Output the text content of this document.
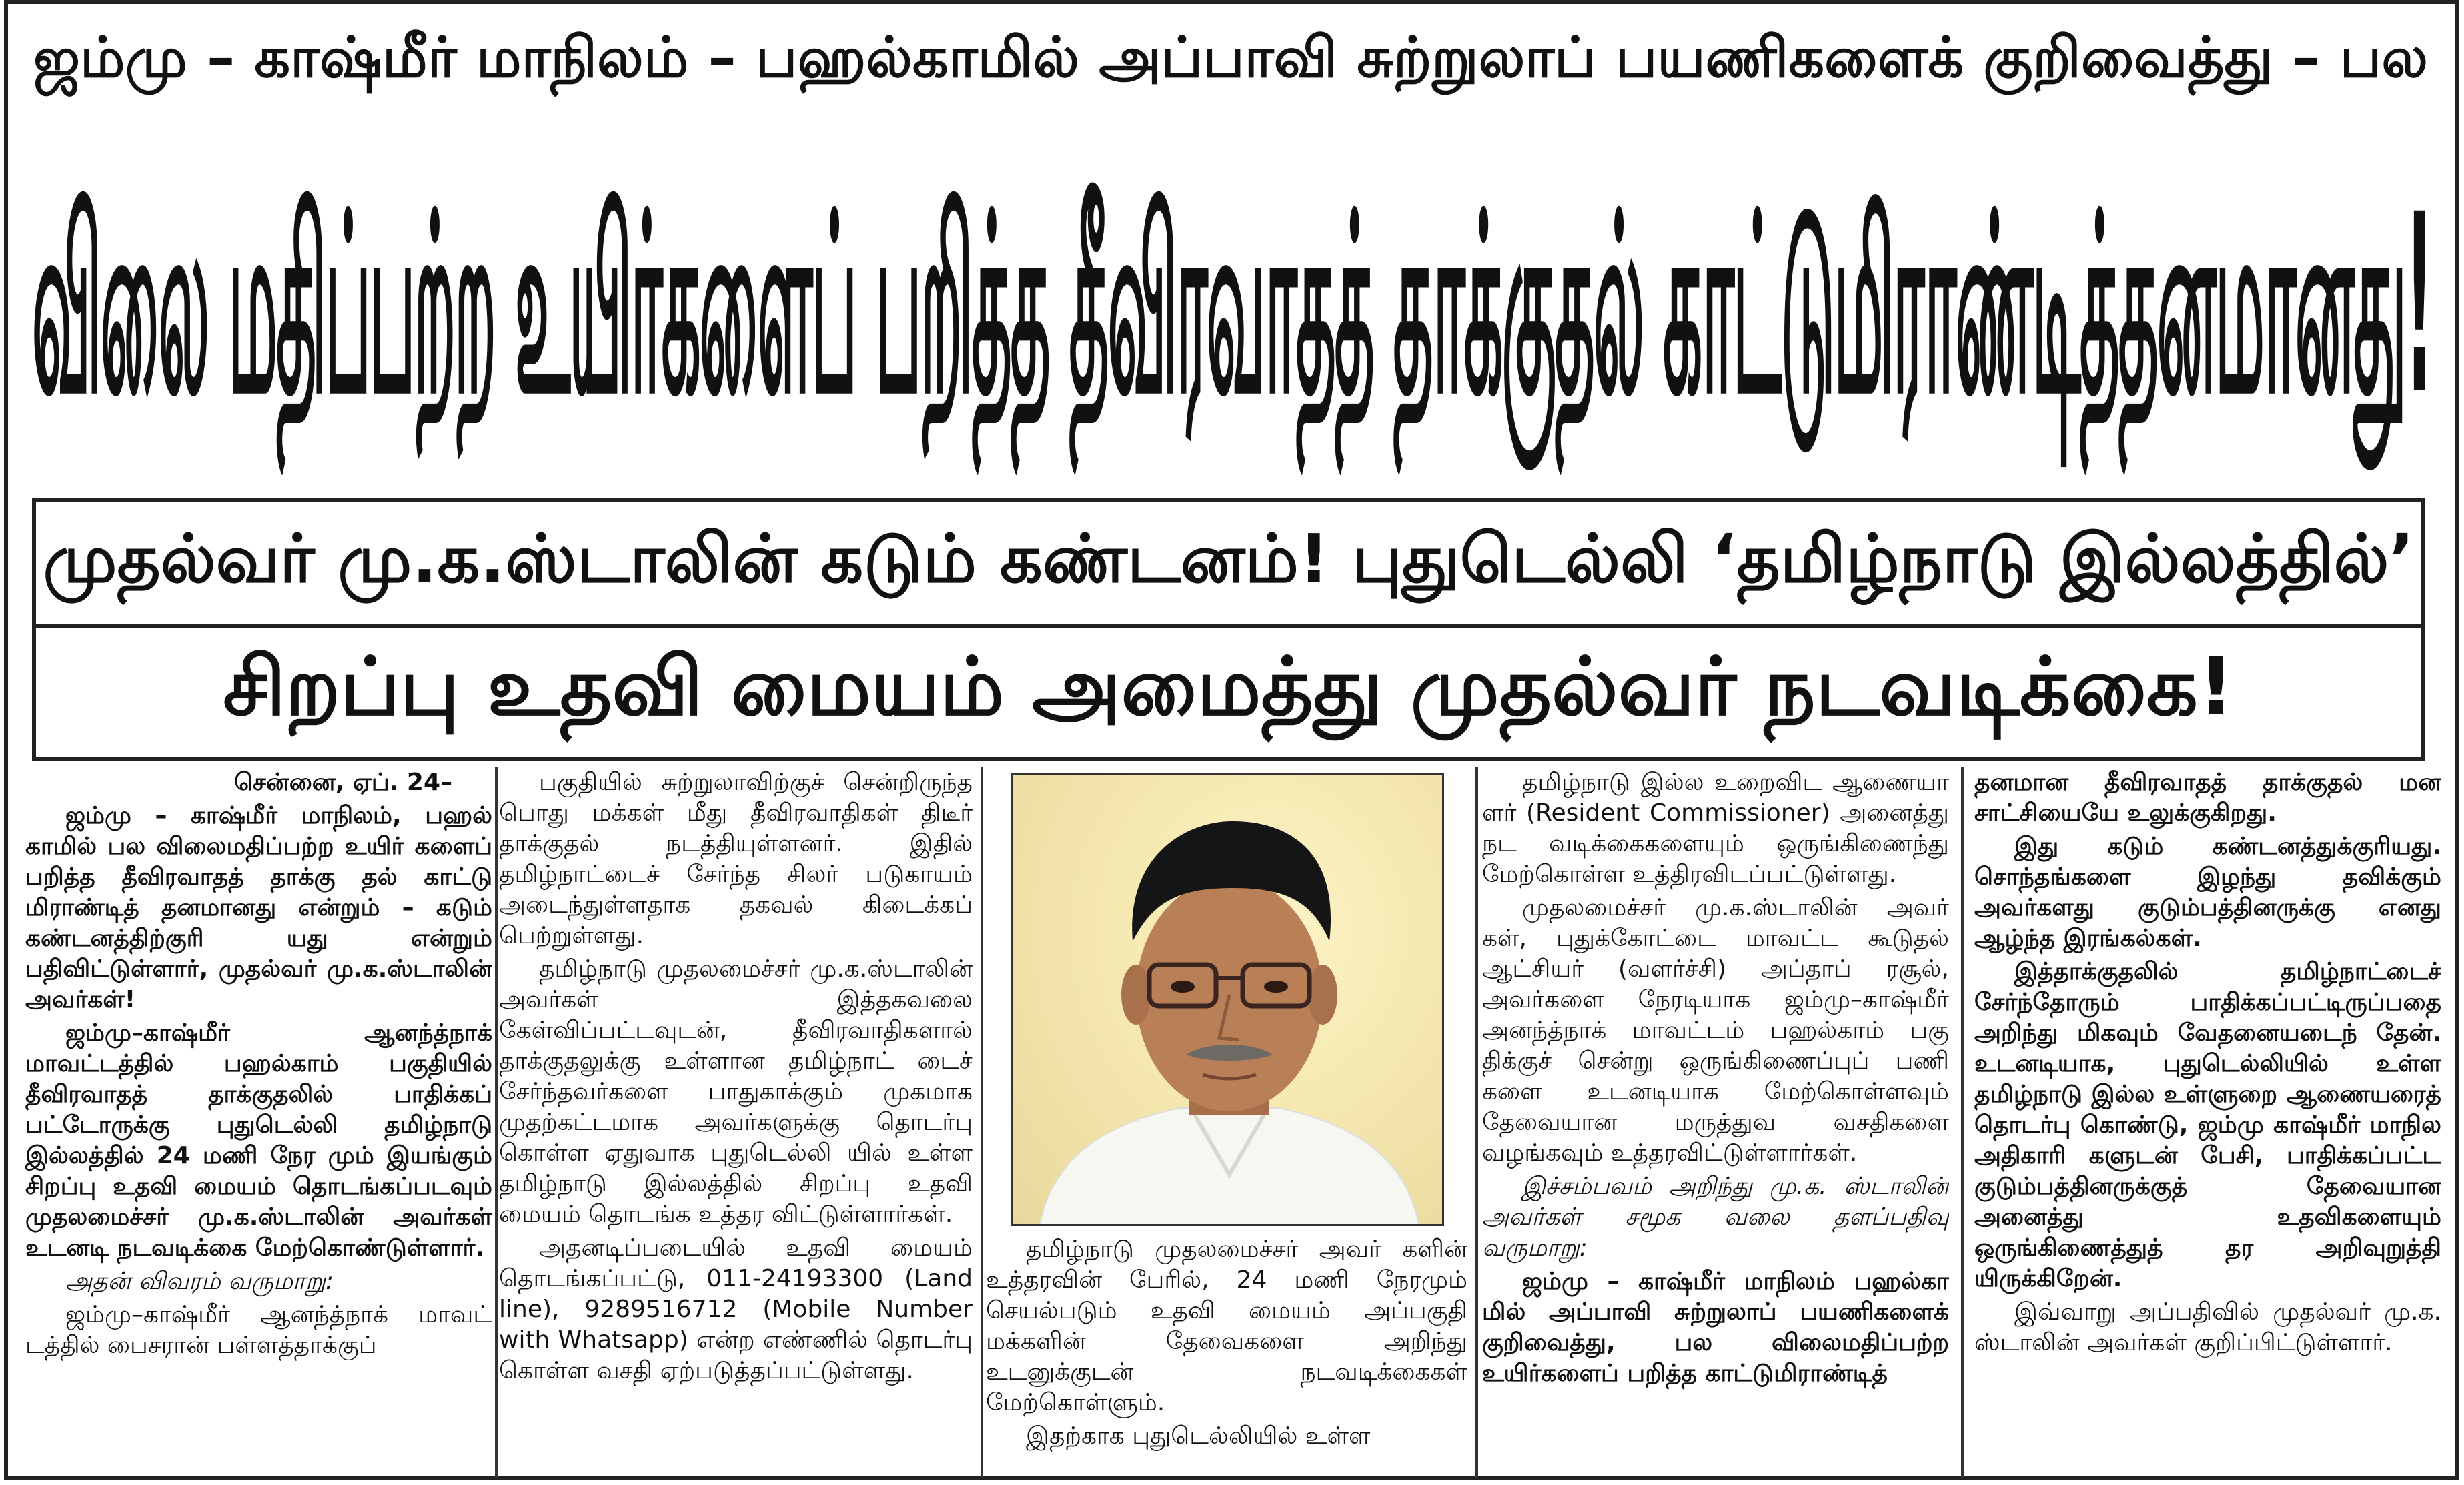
ஜம்மு – காஷ்மீர் மாநிலம் – பஹல்காமில் அப்பாவி சுற்றுலாப் பயணிகளைக் குறிவைத்து – பல
விலை மதிப்பற்ற உயிர்களைப் பறித்த தீவிரவாதத் தாக்குதல் காட்டுமிராண்டித்தனமானது!
முதல்வர் மு.க.ஸ்டாலின் கடும் கண்டனம்! புதுடெல்லி ‘தமிழ்நாடு இல்லத்தில்’
சிறப்பு உதவி மையம் அமைத்து முதல்வர் நடவடிக்கை!

சென்னை, ஏப். 24–

ஜம்மு – காஷ்மீர் மாநிலம், பஹல் காமில் பல விலைமதிப்பற்ற உயிர் களைப் பறித்த தீவிரவாதத் தாக்கு தல் காட்டு மிராண்டித் தனமானது என்றும் – கடும் கண்டனத்திற்குரி யது என்றும் பதிவிட்டுள்ளார், முதல்வர் மு.க.ஸ்டாலின் அவர்கள்!

ஜம்மு–காஷ்மீர் ஆனந்த்நாக் மாவட்டத்தில் பஹல்காம் பகுதியில் தீவிரவாதத் தாக்குதலில் பாதிக்கப் பட்டோருக்கு புதுடெல்லி தமிழ்நாடு இல்லத்தில் 24 மணி நேர மும் இயங்கும் சிறப்பு உதவி மையம் தொடங்கப்படவும் முதலமைச்சர் மு.க.ஸ்டாலின் அவர்கள் உடனடி நடவடிக்கை மேற்கொண்டுள்ளார்.

அதன் விவரம் வருமாறு:

ஜம்மு–காஷ்மீர் ஆனந்த்நாக் மாவட் டத்தில் பைசரான் பள்ளத்தாக்குப்

பகுதியில் சுற்றுலாவிற்குச் சென்றிருந்த பொது மக்கள் மீது தீவிரவாதிகள் திடீர் தாக்குதல் நடத்தியுள்ளனர். இதில் தமிழ்நாட்டைச் சேர்ந்த சிலர் படுகாயம் அடைந்துள்ளதாக தகவல் கிடைக்கப் பெற்றுள்ளது.

தமிழ்நாடு முதலமைச்சர் மு.க.ஸ்டாலின் அவர்கள் இத்தகவலை கேள்விப்பட்டவுடன், தீவிரவாதிகளால் தாக்குதலுக்கு உள்ளான தமிழ்நாட் டைச் சேர்ந்தவர்களை பாதுகாக்கும் முகமாக முதற்கட்டமாக அவர்களுக்கு தொடர்பு கொள்ள ஏதுவாக புதுடெல்லி யில் உள்ள தமிழ்நாடு இல்லத்தில் சிறப்பு உதவி மையம் தொடங்க உத்தர விட்டுள்ளார்கள்.

அதனடிப்படையில் உதவி மையம் தொடங்கப்பட்டு, 011-24193300 (Land line), 9289516712 (Mobile Number with Whatsapp) என்ற எண்ணில் தொடர்பு கொள்ள வசதி ஏற்படுத்தப்பட்டுள்ளது.

தமிழ்நாடு முதலமைச்சர் அவர் களின் உத்தரவின் பேரில், 24 மணி நேரமும் செயல்படும் உதவி மையம் அப்பகுதி மக்களின் தேவைகளை அறிந்து உடனுக்குடன் நடவடிக்கைகள் மேற்கொள்ளும்.

இதற்காக புதுடெல்லியில் உள்ள

தமிழ்நாடு இல்ல உறைவிட ஆணையா ளர் (Resident Commissioner) அனைத்து நட வடிக்கைகளையும் ஒருங்கிணைந்து மேற்கொள்ள உத்திரவிடப்பட்டுள்ளது.

முதலமைச்சர் மு.க.ஸ்டாலின் அவர் கள், புதுக்கோட்டை மாவட்ட கூடுதல் ஆட்சியர் (வளர்ச்சி) அப்தாப் ரசூல், அவர்களை நேரடியாக ஜம்மு–காஷ்மீர் அனந்த்நாக் மாவட்டம் பஹல்காம் பகு திக்குச் சென்று ஒருங்கிணைப்புப் பணி களை உடனடியாக மேற்கொள்ளவும் தேவையான மருத்துவ வசதிகளை வழங்கவும் உத்தரவிட்டுள்ளார்கள்.

இச்சம்பவம் அறிந்து மு.க. ஸ்டாலின் அவர்கள் சமூக வலை தளப்பதிவு வருமாறு:

ஜம்மு – காஷ்மீர் மாநிலம் பஹல்கா மில் அப்பாவி சுற்றுலாப் பயணிகளைக் குறிவைத்து, பல விலைமதிப்பற்ற உயிர்களைப் பறித்த காட்டுமிராண்டித்

தனமான தீவிரவாதத் தாக்குதல் மன சாட்சியையே உலுக்குகிறது.

இது கடும் கண்டனத்துக்குரியது. சொந்தங்களை இழந்து தவிக்கும் அவர்களது குடும்பத்தினருக்கு எனது ஆழ்ந்த இரங்கல்கள்.

இத்தாக்குதலில் தமிழ்நாட்டைச் சேர்ந்தோரும் பாதிக்கப்பட்டிருப்பதை அறிந்து மிகவும் வேதனையடைந் தேன். உடனடியாக, புதுடெல்லியில் உள்ள தமிழ்நாடு இல்ல உள்ளுறை ஆணையரைத் தொடர்பு கொண்டு, ஜம்மு காஷ்மீர் மாநில அதிகாரி களுடன் பேசி, பாதிக்கப்பட்ட குடும்பத்தினருக்குத் தேவையான அனைத்து உதவிகளையும் ஒருங்கிணைத்துத் தர அறிவுறுத்தி யிருக்கிறேன்.

இவ்வாறு அப்பதிவில் முதல்வர் மு.க. ஸ்டாலின் அவர்கள் குறிப்பிட்டுள்ளார்.
